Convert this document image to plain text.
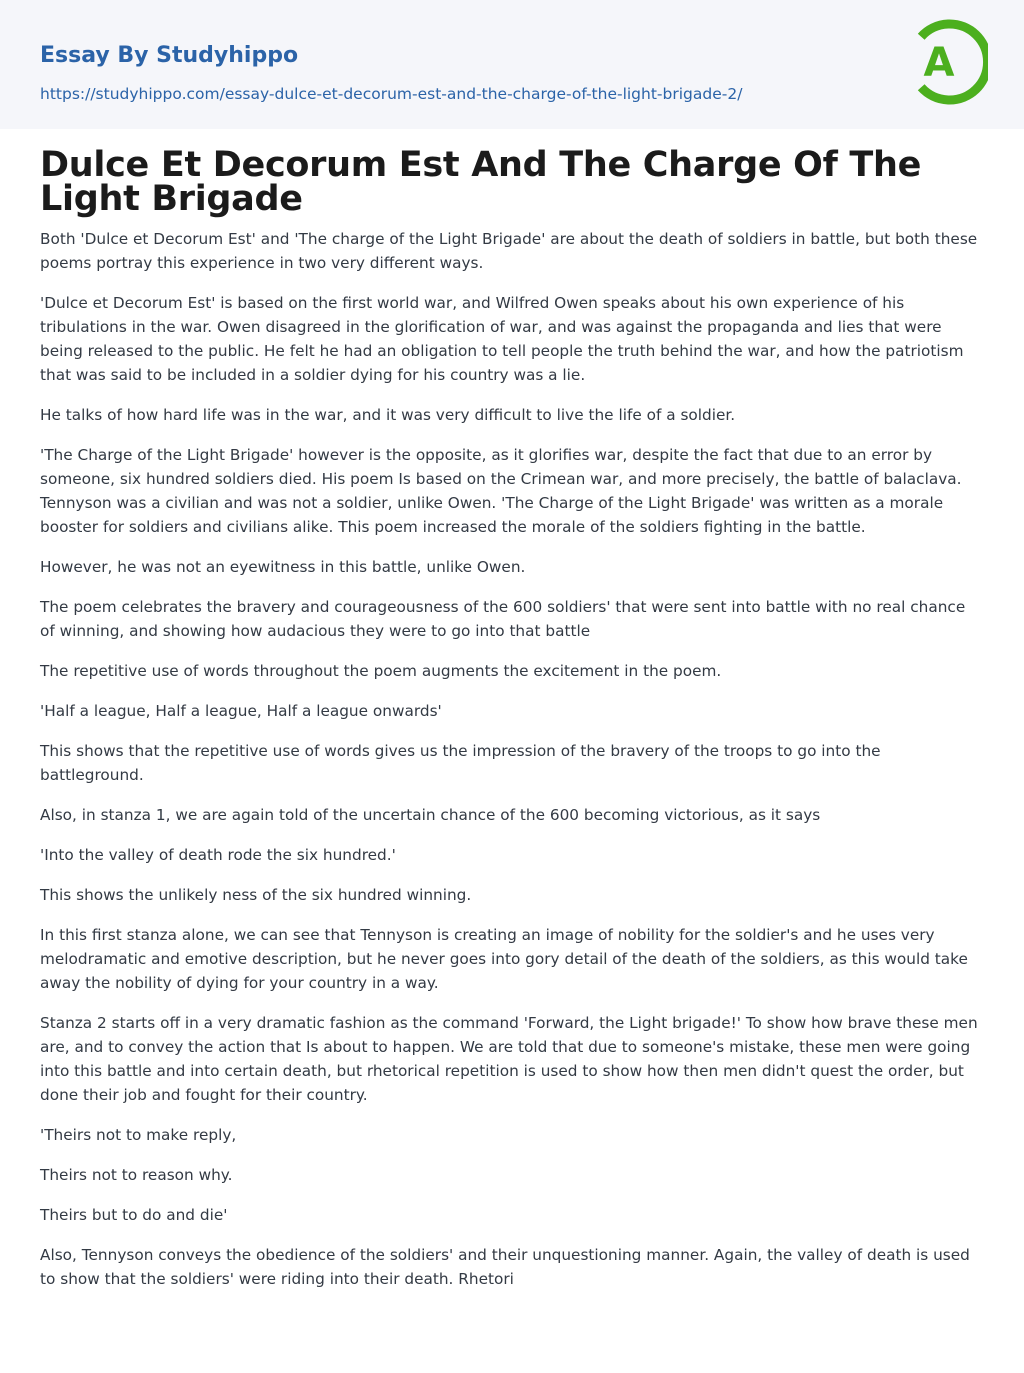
Essay By Studyhippo
https://studyhippo.com/essay-dulce-et-decorum-est-and-the-charge-of-the-light-brigade-2/
A
Dulce Et Decorum Est And The Charge Of The Light Brigade

Both 'Dulce et Decorum Est' and 'The charge of the Light Brigade' are about the death of soldiers in battle, but both these poems portray this experience in two very different ways.

'Dulce et Decorum Est' is based on the first world war, and Wilfred Owen speaks about his own experience of his tribulations in the war. Owen disagreed in the glorification of war, and was against the propaganda and lies that were being released to the public. He felt he had an obligation to tell people the truth behind the war, and how the patriotism that was said to be included in a soldier dying for his country was a lie.

He talks of how hard life was in the war, and it was very difficult to live the life of a soldier.

'The Charge of the Light Brigade' however is the opposite, as it glorifies war, despite the fact that due to an error by someone, six hundred soldiers died. His poem Is based on the Crimean war, and more precisely, the battle of balaclava. Tennyson was a civilian and was not a soldier, unlike Owen. 'The Charge of the Light Brigade' was written as a morale booster for soldiers and civilians alike. This poem increased the morale of the soldiers fighting in the battle.

However, he was not an eyewitness in this battle, unlike Owen.

The poem celebrates the bravery and courageousness of the 600 soldiers' that were sent into battle with no real chance of winning, and showing how audacious they were to go into that battle

The repetitive use of words throughout the poem augments the excitement in the poem.

'Half a league, Half a league, Half a league onwards'

This shows that the repetitive use of words gives us the impression of the bravery of the troops to go into the battleground.

Also, in stanza 1, we are again told of the uncertain chance of the 600 becoming victorious, as it says

'Into the valley of death rode the six hundred.'

This shows the unlikely ness of the six hundred winning.

In this first stanza alone, we can see that Tennyson is creating an image of nobility for the soldier's and he uses very melodramatic and emotive description, but he never goes into gory detail of the death of the soldiers, as this would take away the nobility of dying for your country in a way.

Stanza 2 starts off in a very dramatic fashion as the command 'Forward, the Light brigade!' To show how brave these men are, and to convey the action that Is about to happen. We are told that due to someone's mistake, these men were going into this battle and into certain death, but rhetorical repetition is used to show how then men didn't quest the order, but done their job and fought for their country.

'Theirs not to make reply,

Theirs not to reason why.

Theirs but to do and die'

Also, Tennyson conveys the obedience of the soldiers' and their unquestioning manner. Again, the valley of death is used to show that the soldiers' were riding into their death. Rhetori
